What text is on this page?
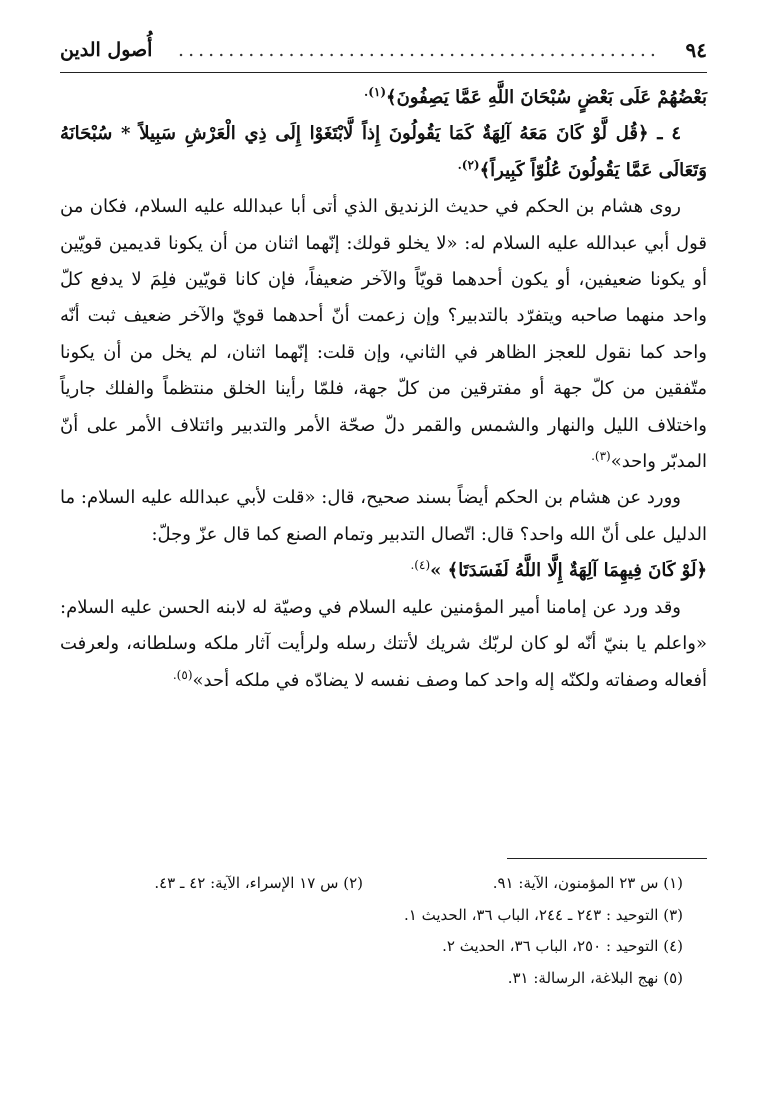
٩٤
................................................
أُصول الدين

بَعْضُهُمْ عَلَى بَعْضٍ سُبْحَانَ اللَّهِ عَمَّا يَصِفُونَ﴾$^{(١).}$

٤ ـ ﴿قُل لَّوْ كَانَ مَعَهُ آلِهَةٌ كَمَا يَقُولُونَ إِذاً لَّابْتَغَوْا إِلَى ذِي الْعَرْشِ سَبِيلاً * سُبْحَانَهُ وَتَعَالَى عَمَّا يَقُولُونَ عُلُوّاً كَبِيراً﴾$^{(٢).}$

روى هشام بن الحكم في حديث الزنديق الذي أتى أبا عبدالله عليه السلام، فكان من قول أبي عبدالله عليه السلام له: «لا يخلو قولك: إنّهما اثنان من أن يكونا قديمين قويّين أو يكونا ضعيفين، أو يكون أحدهما قويّاً والآخر ضعيفاً، فإن كانا قويّين فلِمَ لا يدفع كلّ واحد منهما صاحبه ويتفرّد بالتدبير؟ وإن زعمت أنّ أحدهما قويّ والآخر ضعيف ثبت أنّه واحد كما نقول للعجز الظاهر في الثاني، وإن قلت: إنّهما اثنان، لم يخل من أن يكونا متّفقين من كلّ جهة أو مفترقين من كلّ جهة، فلمّا رأينا الخلق منتظماً والفلك جارياً واختلاف الليل والنهار والشمس والقمر دلّ صحّة الأمر والتدبير وائتلاف الأمر على أنّ المدبّر واحد»$^{(٣).}$

وورد عن هشام بن الحكم أيضاً بسند صحيح، قال: «قلت لأبي عبدالله عليه السلام: ما الدليل على أنّ الله واحد؟ قال: اتّصال التدبير وتمام الصنع كما قال عزّ وجلّ:
﴿لَوْ كَانَ فِيهِمَا آلِهَةٌ إِلَّا اللَّهُ لَفَسَدَتَا﴾ »$^{(٤).}$

وقد ورد عن إمامنا أمير المؤمنين عليه السلام في وصيّة له لابنه الحسن عليه السلام: «واعلم يا بنيّ أنّه لو كان لربّك شريك لأتتك رسله ولرأيت آثار ملكه وسلطانه، ولعرفت أفعاله وصفاته ولكنّه إله واحد كما وصف نفسه لا يضادّه في ملكه أحد»$^{(٥).}$

(١) س ٢٣ المؤمنون، الآية: ٩١.
(٢) س ١٧ الإسراء، الآية: ٤٢ ـ ٤٣.
(٣) التوحيد : ٢٤٣ ـ ٢٤٤، الباب ٣٦، الحديث ١.
(٤) التوحيد : ٢٥٠، الباب ٣٦، الحديث ٢.
(٥) نهج البلاغة، الرسالة: ٣١.
